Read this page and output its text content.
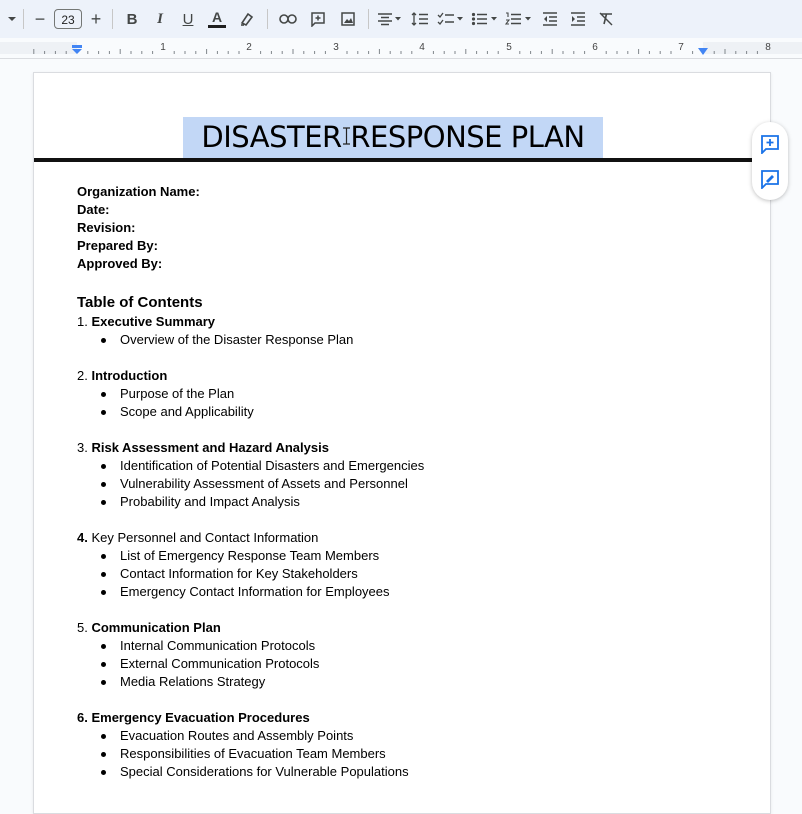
−	23 + B I U A
1	2	3	4	5	6	7	8
DISASTER RESPONSE PLAN
Organization Name:
Date:
Revision:
Prepared By:
Approved By:
Table of Contents
1. Executive Summary
Overview of the Disaster Response Plan
2. Introduction
Purpose of the Plan
Scope and Applicability
3. Risk Assessment and Hazard Analysis
Identification of Potential Disasters and Emergencies
Vulnerability Assessment of Assets and Personnel
Probability and Impact Analysis
4. Key Personnel and Contact Information
List of Emergency Response Team Members
Contact Information for Key Stakeholders
Emergency Contact Information for Employees
5. Communication Plan
Internal Communication Protocols
External Communication Protocols
Media Relations Strategy
6. Emergency Evacuation Procedures
Evacuation Routes and Assembly Points
Responsibilities of Evacuation Team Members
Special Considerations for Vulnerable Populations
